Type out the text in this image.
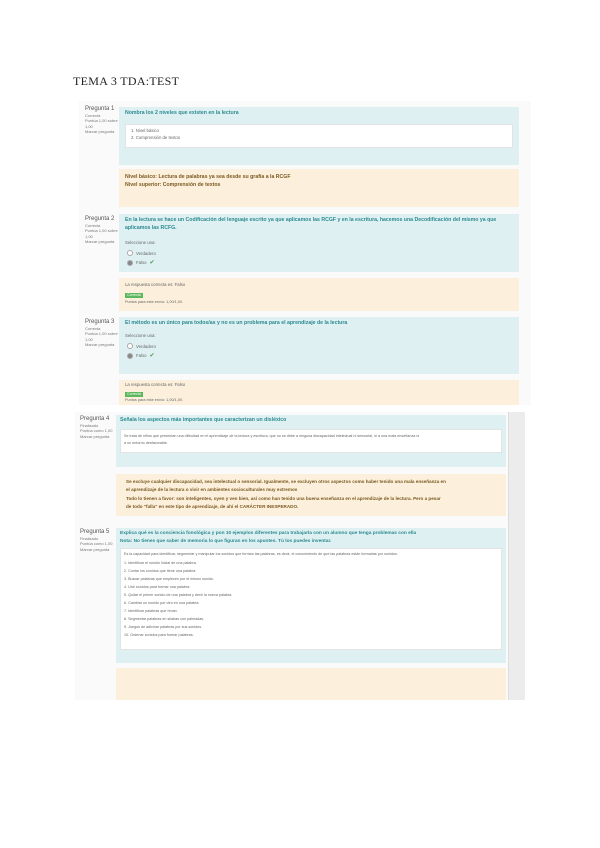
TEMA 3 TDA:TEST
Pregunta 1
Correcta
Puntúa 1,00 sobre 1,00
Marcar pregunta
Nombra los 2 niveles que existen en la lectura
1. Nivel básico
2. Comprensión de textos
Nivel básico: Lectura de palabras ya sea desde su grafía a la RCGF
Nivel superior: Comprensión de textos
Pregunta 2
Correcta
Puntúa 1,00 sobre 1,00
Marcar pregunta
En la lectura se hace un Codificación del lenguaje escrito ya que aplicamos las RCGF y en la escritura, hacemos una Decodificación del mismo ya que aplicamos las RCFG.
Seleccione una:
Verdadero
Falso ✔
La respuesta correcta es: Falso
Correcta
Puntos para este envío: 1,00/1,00.
Pregunta 3
Correcta
Puntúa 1,00 sobre 1,00
Marcar pregunta
El método es un único para todos/as y no es un problema para el aprendizaje de la lectura
Seleccione una:
Verdadero
Falso ✔
La respuesta correcta es: Falso
Correcta
Puntos para este envío: 1,00/1,00.
Pregunta 4
Finalizado
Puntúa como 1,00
Marcar pregunta
Señala los aspectos más importantes que caracterizan un disléxico
Se trata de niños que presentan una dificultad en el aprendizaje de la lectura y escritura, que no se debe a ninguna discapacidad intelectual ni sensorial, ni a una mala enseñanza ni
a un entorno desfavorable.
Se excluye cualquier discapacidad, sea intelectual o sensorial. Igualmente, se excluyen otros aspectos como haber tenido una mala enseñanza en
el aprendizaje de la lectura o vivir en ambientes socioculturales muy extremos
Todo lo tienen a favor: son inteligentes, oyen y ven bien, así como han tenido una buena enseñanza en el aprendizaje de la lectura. Pero a pesar
de todo "falla" en este tipo de aprendizaje, de ahí el CARÁCTER INESPERADO.
Pregunta 5
Finalizado
Puntúa como 1,00
Marcar pregunta
Explica qué es la conciencia fonológica y pon 10 ejemplos diferentes para trabajarla con un alumno que tenga problemas con ella
Nota: No tienes que saber de memoria lo que figuran en los apuntes. Tú los puedes inventar.
Es la capacidad para identificar, segmentar y manipular los sonidos que forman las palabras, es decir, el conocimiento de que las palabras están formadas por sonidos.
1. Identificar el sonido inicial de una palabra.
2. Contar los sonidos que tiene una palabra.
3. Buscar palabras que empiecen por el mismo sonido.
4. Unir sonidos para formar una palabra.
5. Quitar el primer sonido de una palabra y decir la nueva palabra.
6. Cambiar un sonido por otro en una palabra.
7. Identificar palabras que riman.
8. Segmentar palabras en sílabas con palmadas.
9. Juegos de adivinar palabras por sus sonidos.
10. Ordenar sonidos para formar palabras.
